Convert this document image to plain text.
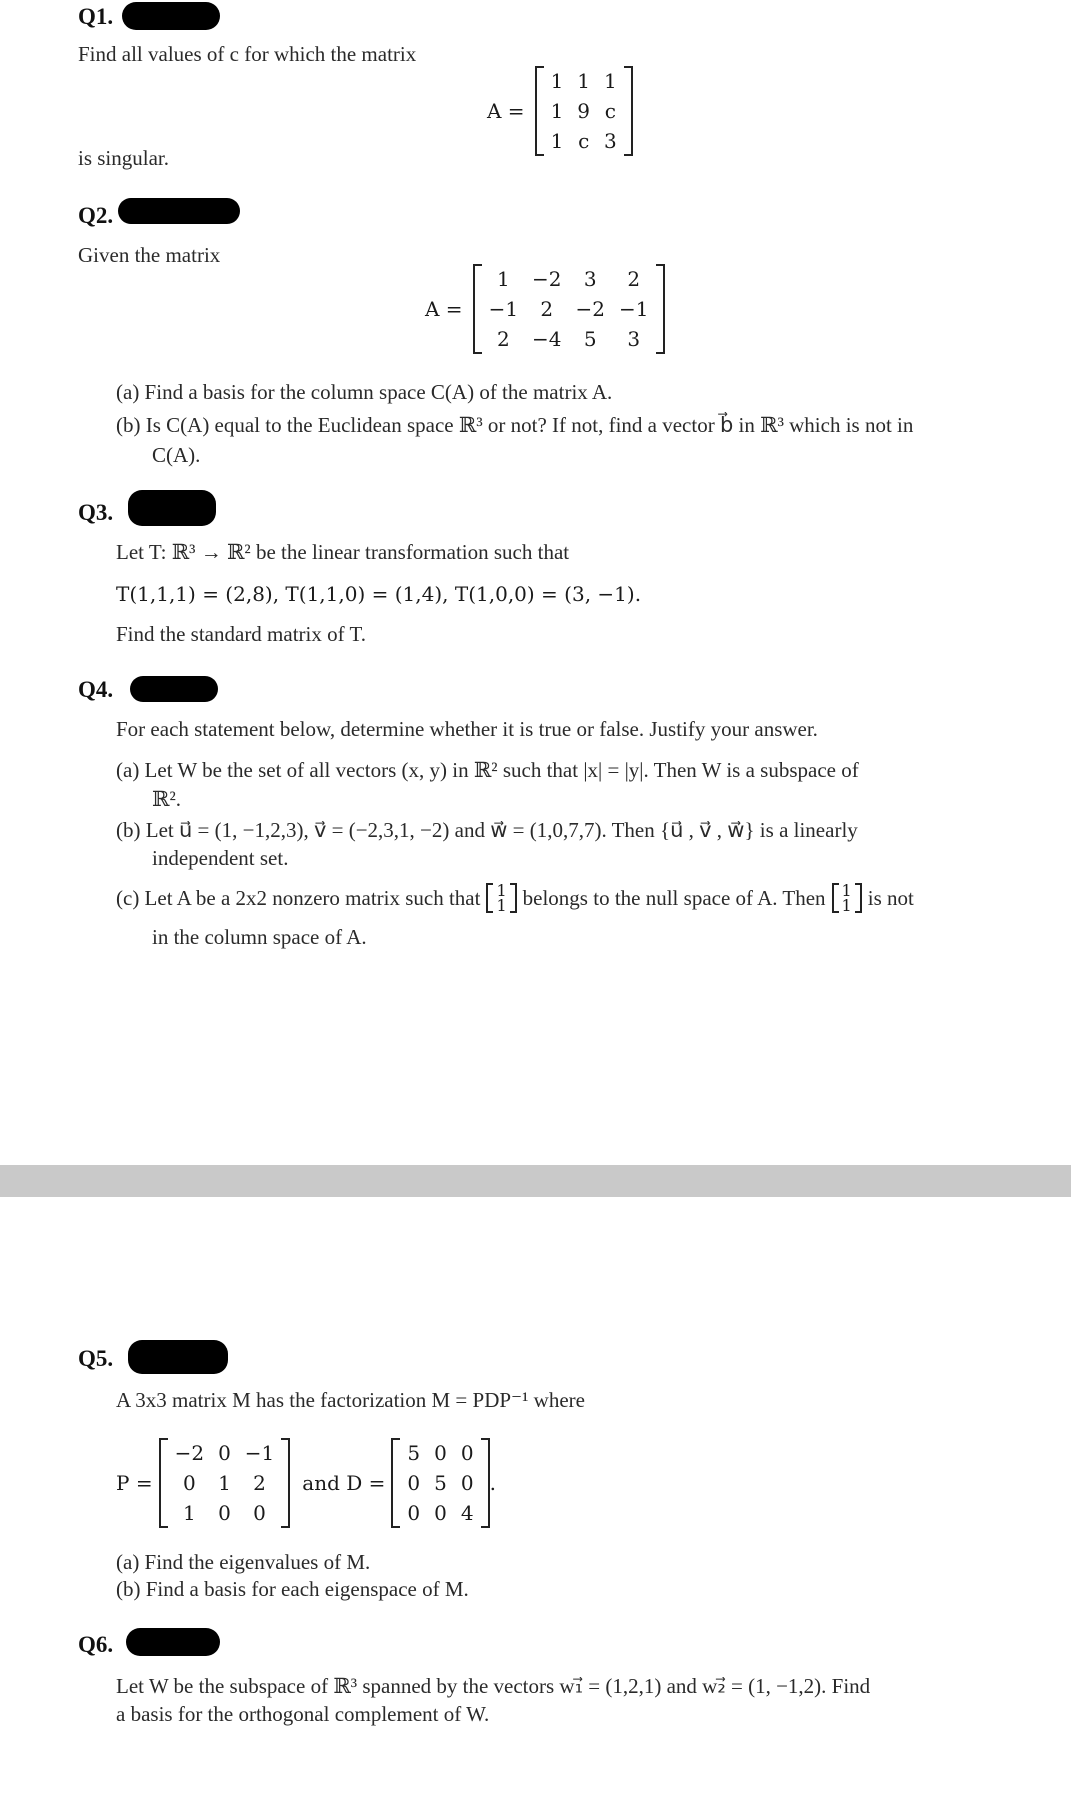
Q1.
Find all values of c for which the matrix
A =
1	1	1
1	9	c
1	c	3
is singular.
Q2.
Given the matrix
A =
1	−2	3	2
−1	2	−2	−1
2	−4	5	3
(a) Find a basis for the column space C(A) of the matrix A.
(b) Is C(A) equal to the Euclidean space ℝ³ or not? If not, find a vector b⃗ in ℝ³ which is not in
C(A).
Q3.
Let T: ℝ³ → ℝ² be the linear transformation such that
T(1,1,1) = (2,8), T(1,1,0) = (1,4), T(1,0,0) = (3, −1).
Find the standard matrix of T.
Q4.
For each statement below, determine whether it is true or false. Justify your answer.
(a) Let W be the set of all vectors (x, y) in ℝ² such that |x| = |y|. Then W is a subspace of
ℝ².
(b) Let u⃗ = (1, −1,2,3), v⃗ = (−2,3,1, −2) and w⃗ = (1,0,7,7). Then {u⃗ , v⃗ , w⃗} is a linearly
independent set.
(c) Let A be a 2x2 nonzero matrix such that 1
1 belongs to the null space of A. Then 1
1 is not
in the column space of A.
Q5.
A 3x3 matrix M has the factorization M = PDP⁻¹ where
P =
−2	0	−1
0	1	2
1	0	0
and D =
5	0	0
0	5	0
0	0	4
.
(a) Find the eigenvalues of M.
(b) Find a basis for each eigenspace of M.
Q6.
Let W be the subspace of ℝ³ spanned by the vectors w₁⃗ = (1,2,1) and w₂⃗ = (1, −1,2). Find
a basis for the orthogonal complement of W.
